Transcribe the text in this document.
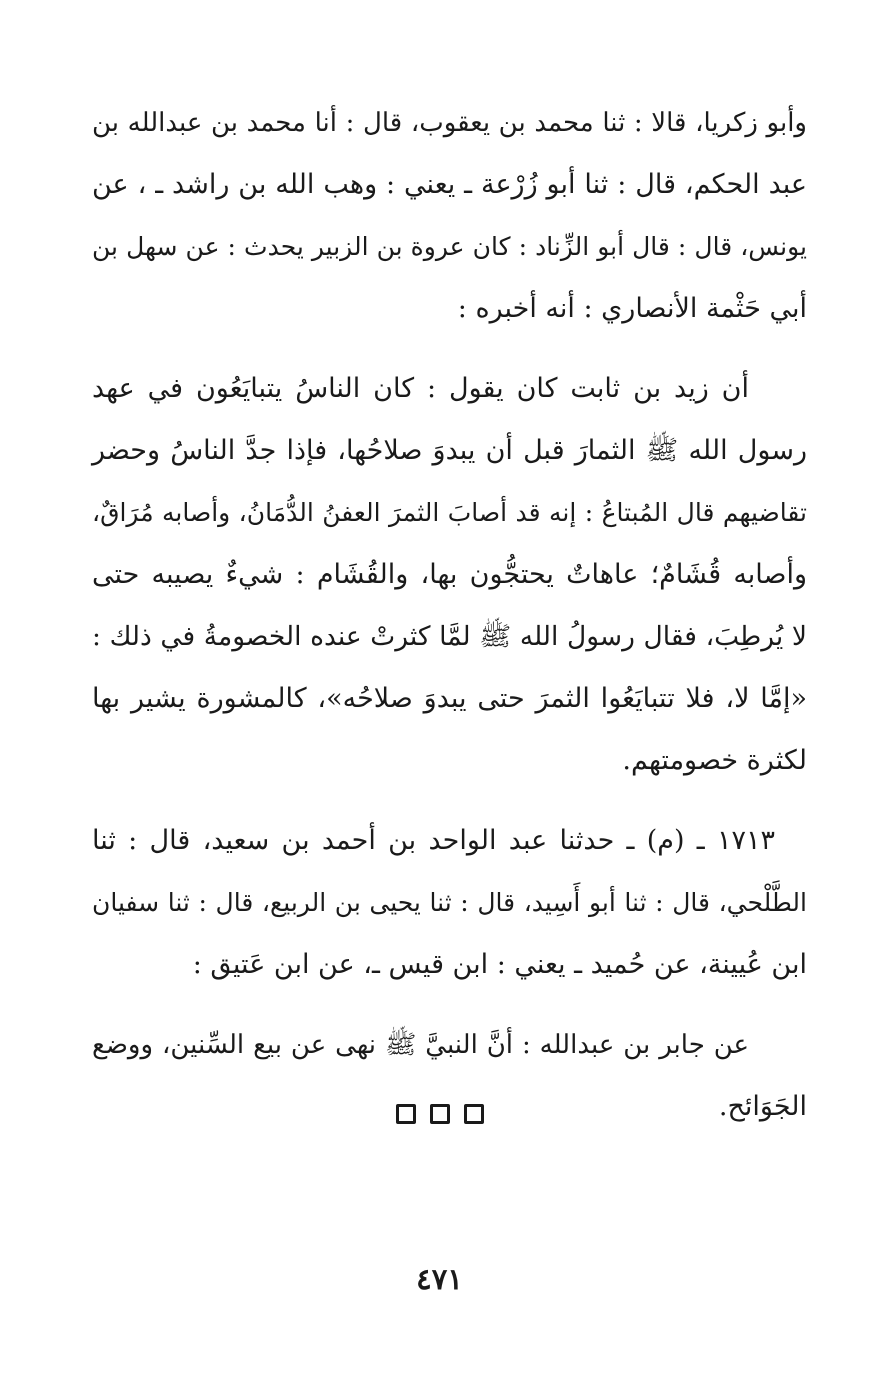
وأبو زكريا، قالا : ثنا محمد بن يعقوب، قال : أنا محمد بن عبدالله بن
عبد الحكم، قال : ثنا أبو زُرْعة ـ يعني : وهب الله بن راشد ـ ، عن
يونس، قال : قال أبو الزِّناد : كان عروة بن الزبير يحدث : عن سهل بن
أبي حَثْمة الأنصاري : أنه أخبره :
أن زيد بن ثابت كان يقول : كان الناسُ يتبايَعُون في عهد
رسول الله ﷺ الثمارَ قبل أن يبدوَ صلاحُها، فإذا جدَّ الناسُ وحضر
تقاضيهم قال المُبتاعُ : إنه قد أصابَ الثمرَ العفنُ الدُّمَانُ، وأصابه مُرَاقٌ،
وأصابه قُشَامٌ؛ عاهاتٌ يحتجُّون بها، والقُشَام : شيءٌ يصيبه حتى
لا يُرطِبَ، فقال رسولُ الله ﷺ لمَّا كثرتْ عنده الخصومةُ في ذلك :
«إمَّا لا، فلا تتبايَعُوا الثمرَ حتى يبدوَ صلاحُه»، كالمشورة يشير بها
لكثرة خصومتهم.
١٧١٣ ـ (م) ـ حدثنا عبد الواحد بن أحمد بن سعيد، قال : ثنا
الطَّلْحي، قال : ثنا أبو أَسِيد، قال : ثنا يحيى بن الربيع، قال : ثنا سفيان
ابن عُيينة، عن حُميد ـ يعني : ابن قيس ـ، عن ابن عَتيق :
عن جابر بن عبدالله : أنَّ النبيَّ ﷺ نهى عن بيع السِّنين، ووضع
الجَوَائح.
٤٧١
